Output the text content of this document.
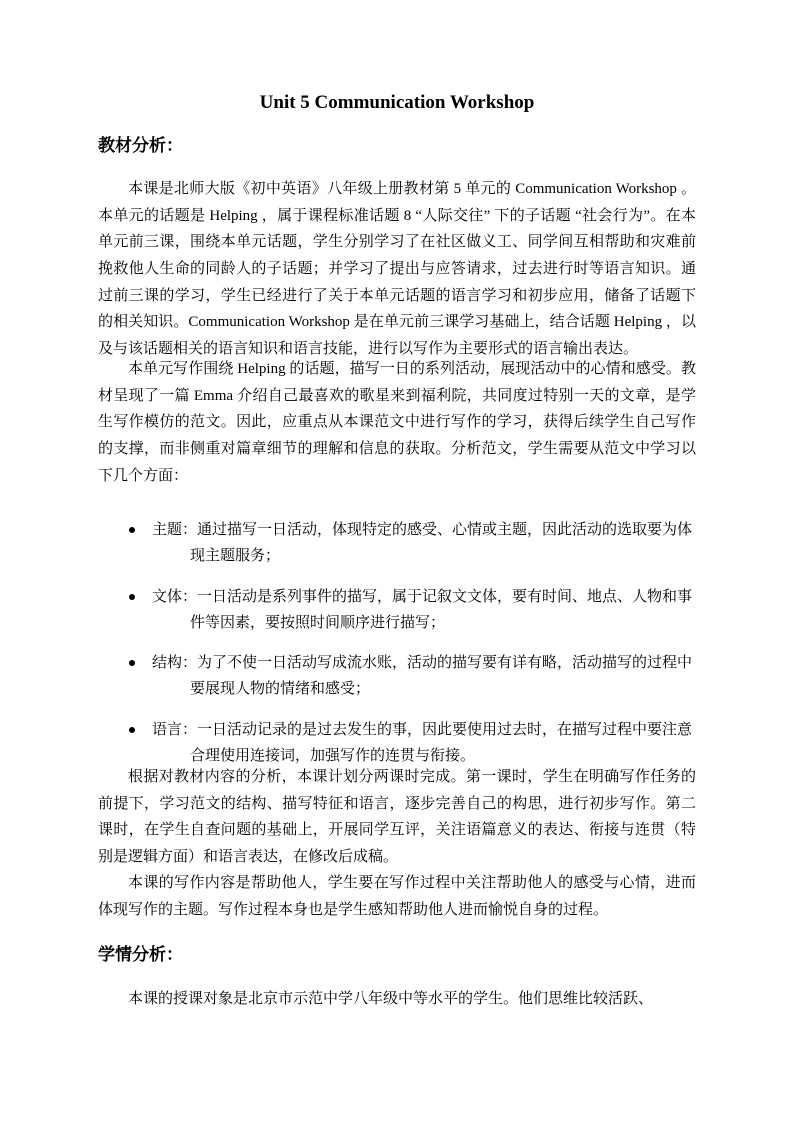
Unit 5 Communication Workshop
教材分析：

本课是北师大版《初中英语》八年级上册教材第 5 单元的 Communication Workshop 。本单元的话题是 Helping ，属于课程标准话题 8 “人际交往” 下的子话题 “社会行为”。在本单元前三课，围绕本单元话题，学生分别学习了在社区做义工、同学间互相帮助和灾难前挽救他人生命的同龄人的子话题；并学习了提出与应答请求，过去进行时等语言知识。通过前三课的学习，学生已经进行了关于本单元话题的语言学习和初步应用，储备了话题下的相关知识。Communication Workshop 是在单元前三课学习基础上，结合话题 Helping ，以及与该话题相关的语言知识和语言技能，进行以写作为主要形式的语言输出表达。

本单元写作围绕 Helping 的话题，描写一日的系列活动，展现活动中的心情和感受。教材呈现了一篇 Emma 介绍自己最喜欢的歌星来到福利院，共同度过特别一天的文章，是学生写作模仿的范文。因此，应重点从本课范文中进行写作的学习，获得后续学生自己写作的支撑，而非侧重对篇章细节的理解和信息的获取。分析范文，学生需要从范文中学习以下几个方面：

主题：通过描写一日活动，体现特定的感受、心情或主题，因此活动的选取要为体现主题服务；
文体：一日活动是系列事件的描写，属于记叙文文体，要有时间、地点、人物和事件等因素，要按照时间顺序进行描写；
结构：为了不使一日活动写成流水账，活动的描写要有详有略，活动描写的过程中要展现人物的情绪和感受；
语言：一日活动记录的是过去发生的事，因此要使用过去时，在描写过程中要注意合理使用连接词，加强写作的连贯与衔接。

根据对教材内容的分析，本课计划分两课时完成。第一课时，学生在明确写作任务的前提下，学习范文的结构、描写特征和语言，逐步完善自己的构思，进行初步写作。第二课时，在学生自查问题的基础上，开展同学互评，关注语篇意义的表达、衔接与连贯（特别是逻辑方面）和语言表达，在修改后成稿。

本课的写作内容是帮助他人，学生要在写作过程中关注帮助他人的感受与心情，进而体现写作的主题。写作过程本身也是学生感知帮助他人进而愉悦自身的过程。

学情分析：

本课的授课对象是北京市示范中学八年级中等水平的学生。他们思维比较活跃、
